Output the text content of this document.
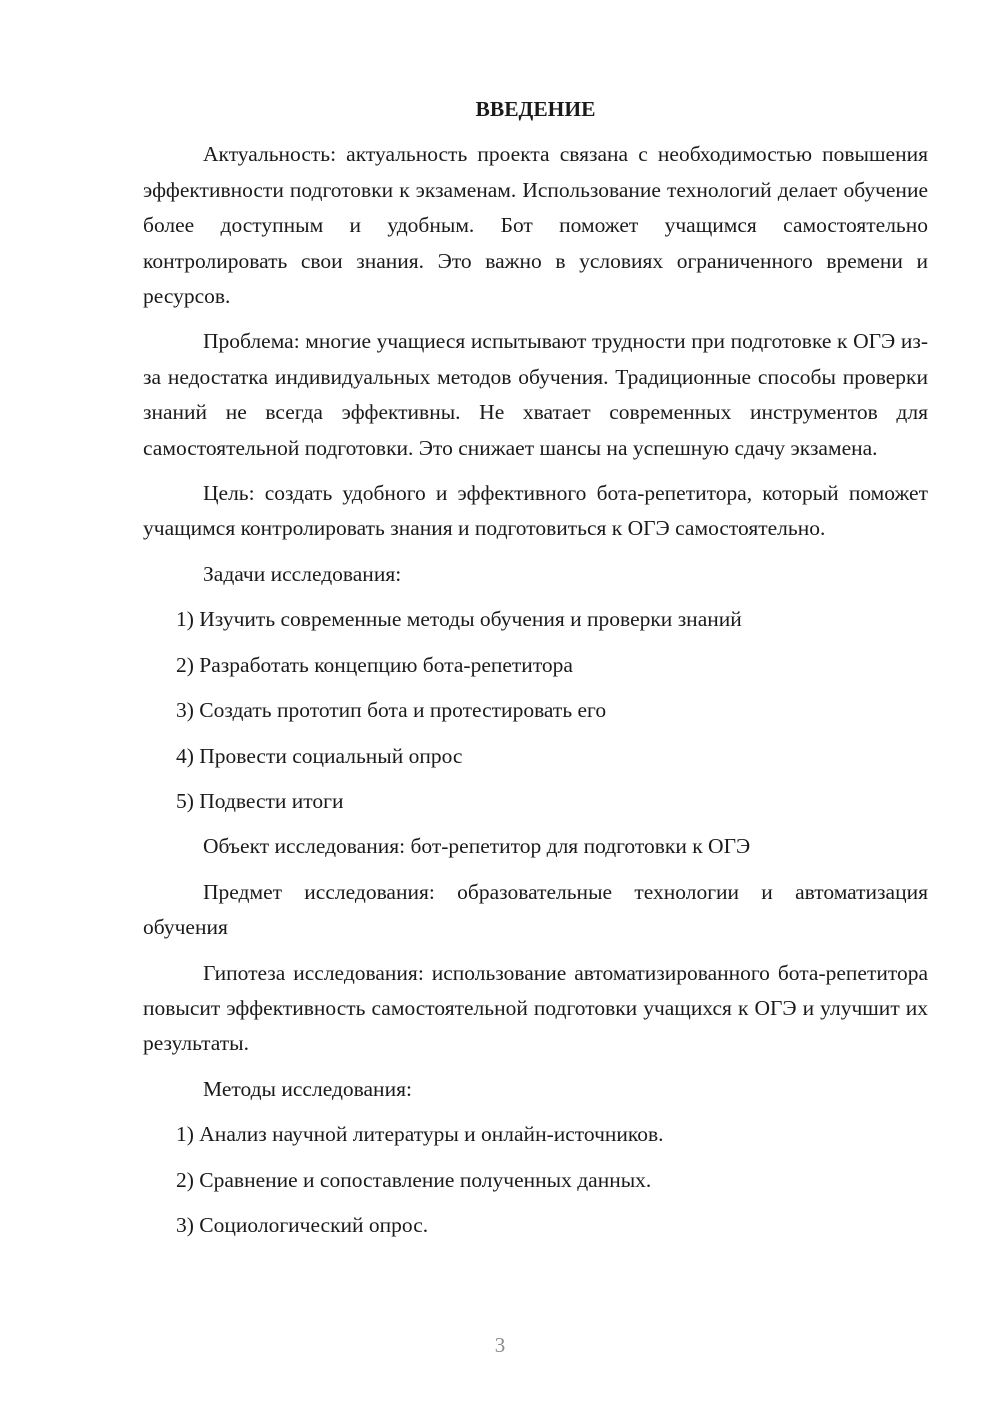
ВВЕДЕНИЕ

Актуальность: актуальность проекта связана с необходимостью повышения эффективности подготовки к экзаменам. Использование технологий делает обучение более доступным и удобным. Бот поможет учащимся самостоятельно контролировать свои знания. Это важно в условиях ограниченного времени и ресурсов.

Проблема: многие учащиеся испытывают трудности при подготовке к ОГЭ из-за недостатка индивидуальных методов обучения. Традиционные способы проверки знаний не всегда эффективны. Не хватает современных инструментов для самостоятельной подготовки. Это снижает шансы на успешную сдачу экзамена.

Цель: создать удобного и эффективного бота-репетитора, который поможет учащимся контролировать знания и подготовиться к ОГЭ самостоятельно.

Задачи исследования:
1) Изучить современные методы обучения и проверки знаний
2) Разработать концепцию бота-репетитора
3) Создать прототип бота и протестировать его
4) Провести социальный опрос
5) Подвести итоги
Объект исследования: бот-репетитор для подготовки к ОГЭ

Предмет исследования: образовательные технологии и автоматизация обучения

Гипотеза исследования: использование автоматизированного бота-репетитора повысит эффективность самостоятельной подготовки учащихся к ОГЭ и улучшит их результаты.

Методы исследования:
1) Анализ научной литературы и онлайн-источников.
2) Сравнение и сопоставление полученных данных.
3) Социологический опрос.
3
